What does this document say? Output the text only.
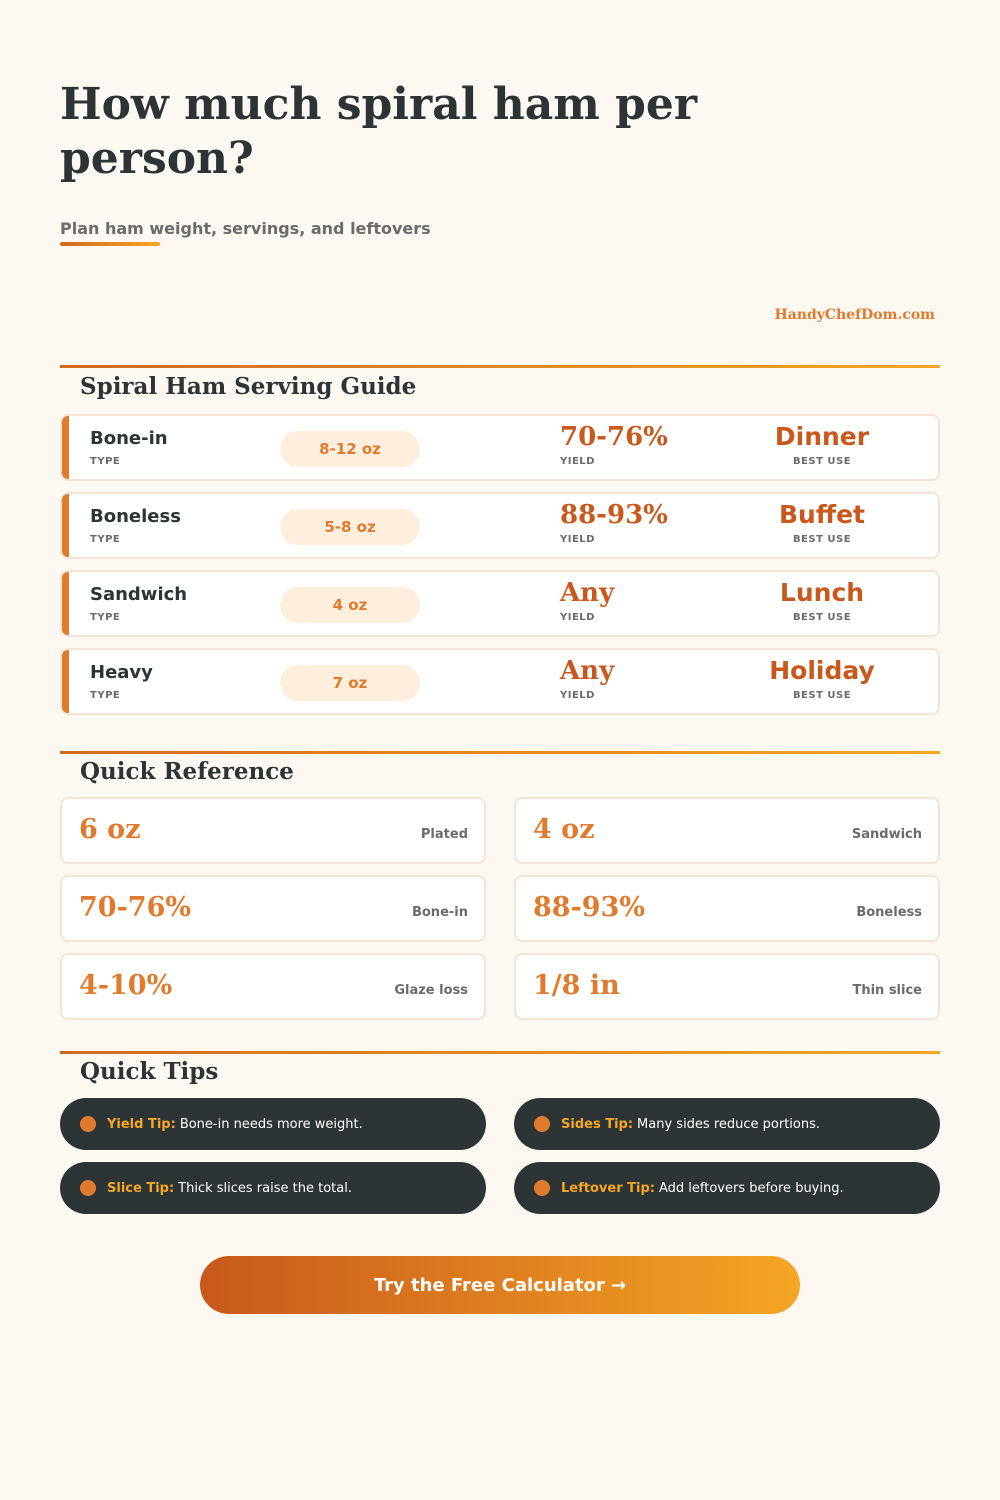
How much spiral ham per person?
Plan ham weight, servings, and leftovers
HandyChefDom.com
Spiral Ham Serving Guide
Bone-in
TYPE
8-12 oz	70-76%
YIELD
Dinner
BEST USE
Boneless
TYPE
5-8 oz	88-93%
YIELD
Buffet
BEST USE
Sandwich
TYPE
4 oz	Any
YIELD
Lunch
BEST USE
Heavy
TYPE
7 oz	Any
YIELD
Holiday
BEST USE
Quick Reference
6 oz	Plated 4 oz	Sandwich
70-76%	Bone-in 88-93%	Boneless
4-10%	Glaze loss 1/8 in	Thin slice
Quick Tips
Yield Tip: Bone-in needs more weight.	Sides Tip: Many sides reduce portions.
Slice Tip: Thick slices raise the total.	Leftover Tip: Add leftovers before buying.
Try the Free Calculator →
